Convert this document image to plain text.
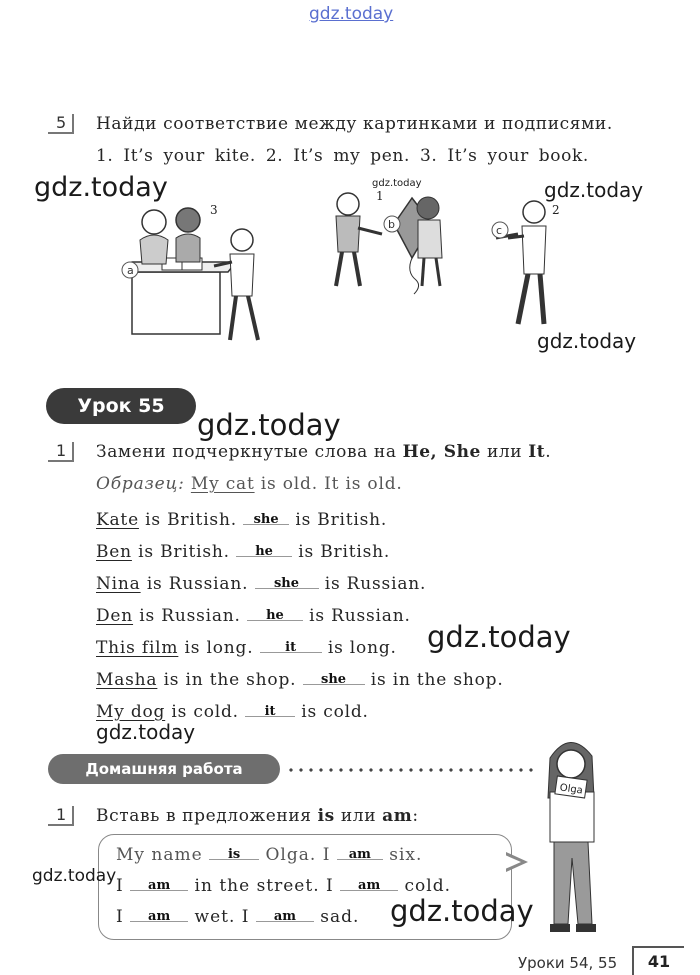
gdz.today
5	Найди соответствие между картинками и подписями.
1. It’s your kite. 2. It’s my pen. 3. It’s your book.
a
3
b
1
c
2
gdz.today	gdz.today	gdz.today
gdz.today
Урок 55
gdz.today
1	Замени подчеркнутые слова на He, She или It.
Образец: My cat is old. It is old.
Kate is British. she is British.
Ben is British.	he	is British.
Nina is Russian.	she	is Russian.
Den is Russian.	he	is Russian.
This film is long.	it	is long.
Masha is in the shop.	she	is in the shop.
My dog is cold.	it	is cold.
gdz.today
gdz.today
Домашняя работа
Olga
1	Вставь в предложения is или am:
My name	is	Olga. I am six.
I	am	in the street. I	am	cold.
I	am	wet. I	am	sad.
gdz.today
gdz.today
Уроки 54, 55	41
